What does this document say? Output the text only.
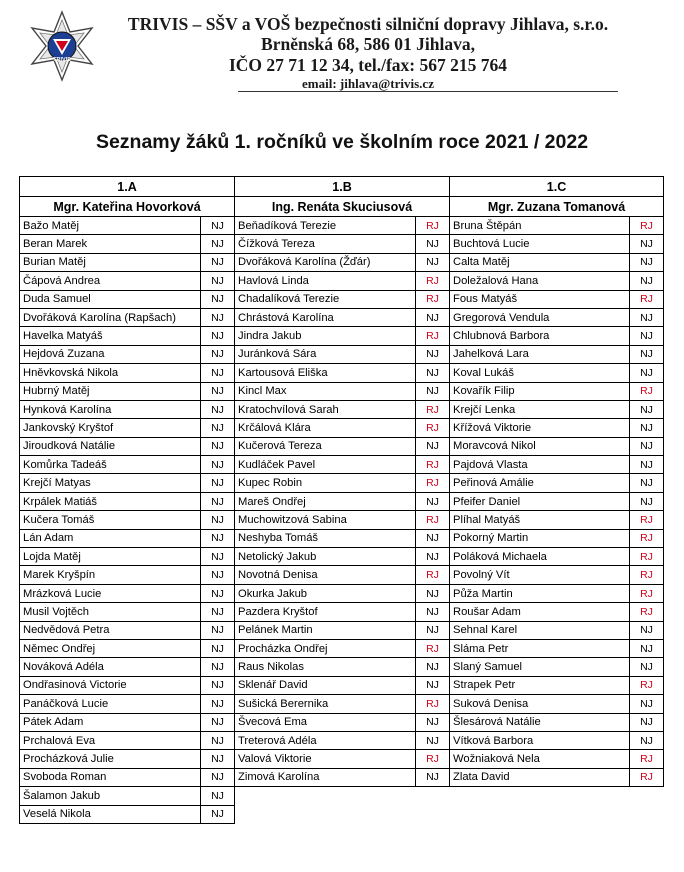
TRIVIS
TRIVIS – SŠV a VOŠ bezpečnosti silniční dopravy Jihlava, s.r.o.
Brněnská 68, 586 01 Jihlava,
IČO 27 71 12 34, tel./fax: 567 215 764
email: jihlava@trivis.cz
Seznamy žáků 1. ročníků ve školním roce 2021 / 2022
1.A	
Mgr. Kateřina Hovorková	
Bažo Matěj	NJ
Beran Marek	NJ
Burian Matěj	NJ
Čápová Andrea	NJ
Duda Samuel	NJ
Dvořáková Karolína (Rapšach)	NJ
Havelka Matyáš	NJ
Hejdová Zuzana	NJ
Hněvkovská Nikola	NJ
Hubrný Matěj	NJ
Hynková Karolína	NJ
Jankovský Kryštof	NJ
Jiroudková Natálie	NJ
Komůrka Tadeáš	NJ
Krejčí Matyas	NJ
Krpálek Matiáš	NJ
Kučera Tomáš	NJ
Lán Adam	NJ
Lojda Matěj	NJ
Marek Kryšpín	NJ
Mrázková Lucie	NJ
Musil Vojtěch	NJ
Nedvědová Petra	NJ
Němec Ondřej	NJ
Nováková Adéla	NJ
Ondřasinová Victorie	NJ
Panáčková Lucie	NJ
Pátek Adam	NJ
Prchalová Eva	NJ
Procházková Julie	NJ
Svoboda Roman	NJ
Šalamon Jakub	NJ
Veselá Nikola	NJ
1.B	
Ing. Renáta Skuciusová	
Beňadíková Terezie	RJ
Čížková Tereza	NJ
Dvořáková Karolína (Žďár)	NJ
Havlová Linda	RJ
Chadalíková Terezie	RJ
Chrástová Karolína	NJ
Jindra Jakub	RJ
Juránková Sára	NJ
Kartousová Eliška	NJ
Kincl Max	NJ
Kratochvílová Sarah	RJ
Krčálová Klára	RJ
Kučerová Tereza	NJ
Kudláček Pavel	RJ
Kupec Robin	RJ
Mareš Ondřej	NJ
Muchowitzová Sabina	RJ
Neshyba Tomáš	NJ
Netolický Jakub	NJ
Novotná Denisa	RJ
Okurka Jakub	NJ
Pazdera Kryštof	NJ
Pelánek Martin	NJ
Procházka Ondřej	RJ
Raus Nikolas	NJ
Sklenář David	NJ
Sušická Berernika	RJ
Švecová Ema	NJ
Treterová Adéla	NJ
Valová Viktorie	RJ
Zimová Karolína	NJ
1.C	
Mgr. Zuzana Tomanová	
Bruna Štěpán	RJ
Buchtová Lucie	NJ
Calta Matěj	NJ
Doležalová Hana	NJ
Fous Matyáš	RJ
Gregorová Vendula	NJ
Chlubnová Barbora	NJ
Jahelková Lara	NJ
Koval Lukáš	NJ
Kovařík Filip	RJ
Krejčí Lenka	NJ
Křížová Viktorie	NJ
Moravcová Nikol	NJ
Pajdová Vlasta	NJ
Peřinová Amálie	NJ
Pfeifer Daniel	NJ
Plíhal Matyáš	RJ
Pokorný Martin	RJ
Poláková Michaela	RJ
Povolný Vít	RJ
Půža Martin	RJ
Roušar Adam	RJ
Sehnal Karel	NJ
Sláma Petr	NJ
Slaný Samuel	NJ
Strapek Petr	RJ
Suková Denisa	NJ
Šlesárová Natálie	NJ
Vítková Barbora	NJ
Wožniaková Nela	RJ
Zlata David	RJ
